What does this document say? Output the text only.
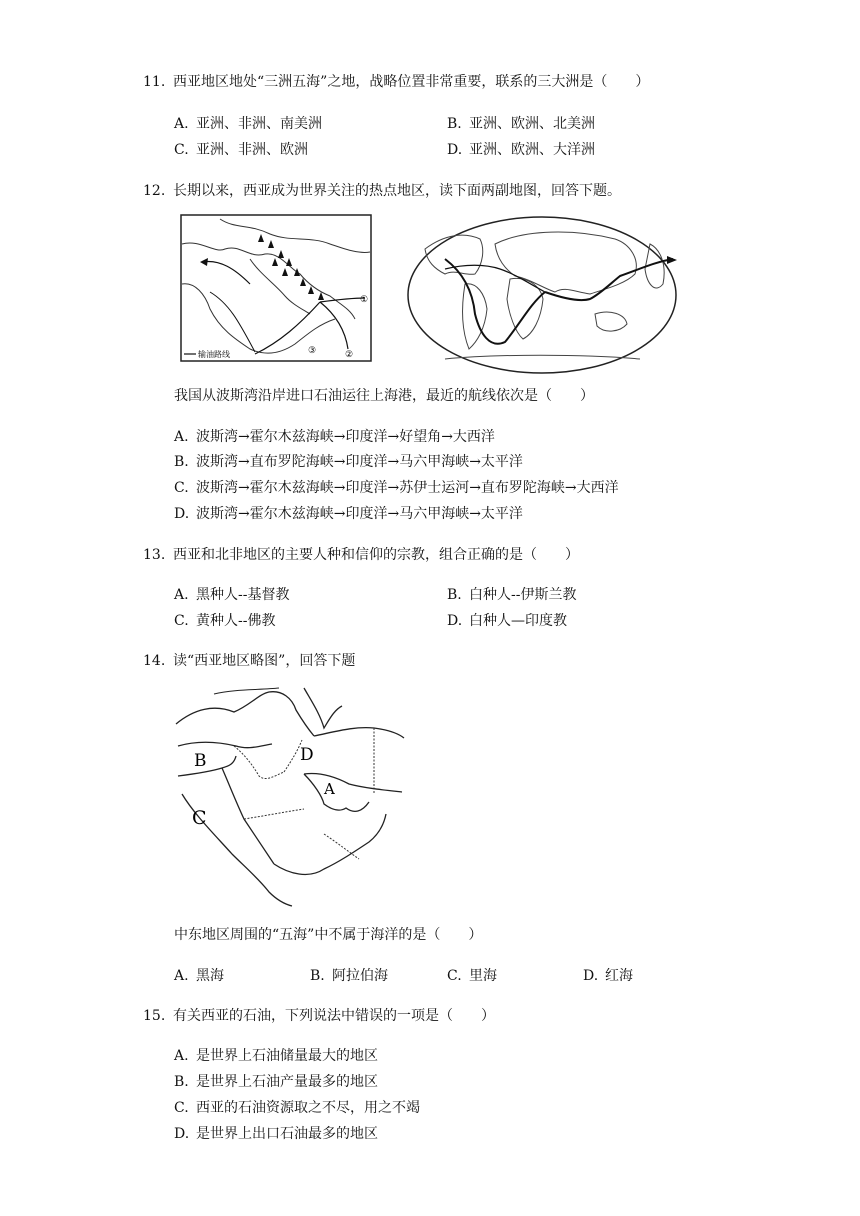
11. 西亚地区地处“三洲五海”之地，战略位置非常重要，联系的三大洲是（　　）
A. 亚洲、非洲、南美洲	B. 亚洲、欧洲、北美洲
C. 亚洲、非洲、欧洲	D. 亚洲、欧洲、大洋洲
12. 长期以来，西亚成为世界关注的热点地区，读下面两副地图，回答下题。
①
②
③
输油路线
我国从波斯湾沿岸进口石油运往上海港，最近的航线依次是（　　）
A. 波斯湾→霍尔木兹海峡→印度洋→好望角→大西洋
B. 波斯湾→直布罗陀海峡→印度洋→马六甲海峡→太平洋
C. 波斯湾→霍尔木兹海峡→印度洋→苏伊士运河→直布罗陀海峡→大西洋
D. 波斯湾→霍尔木兹海峡→印度洋→马六甲海峡→太平洋
13. 西亚和北非地区的主要人种和信仰的宗教，组合正确的是（　　）
A. 黑种人--基督教	B. 白种人--伊斯兰教
C. 黄种人--佛教	D. 白种人—印度教
14. 读“西亚地区略图”，回答下题
A
B
C
D
中东地区周围的“五海”中不属于海洋的是（　　）
A. 黑海	B. 阿拉伯海	C. 里海	D. 红海
15. 有关西亚的石油，下列说法中错误的一项是（　　）
A. 是世界上石油储量最大的地区
B. 是世界上石油产量最多的地区
C. 西亚的石油资源取之不尽，用之不竭
D. 是世界上出口石油最多的地区
